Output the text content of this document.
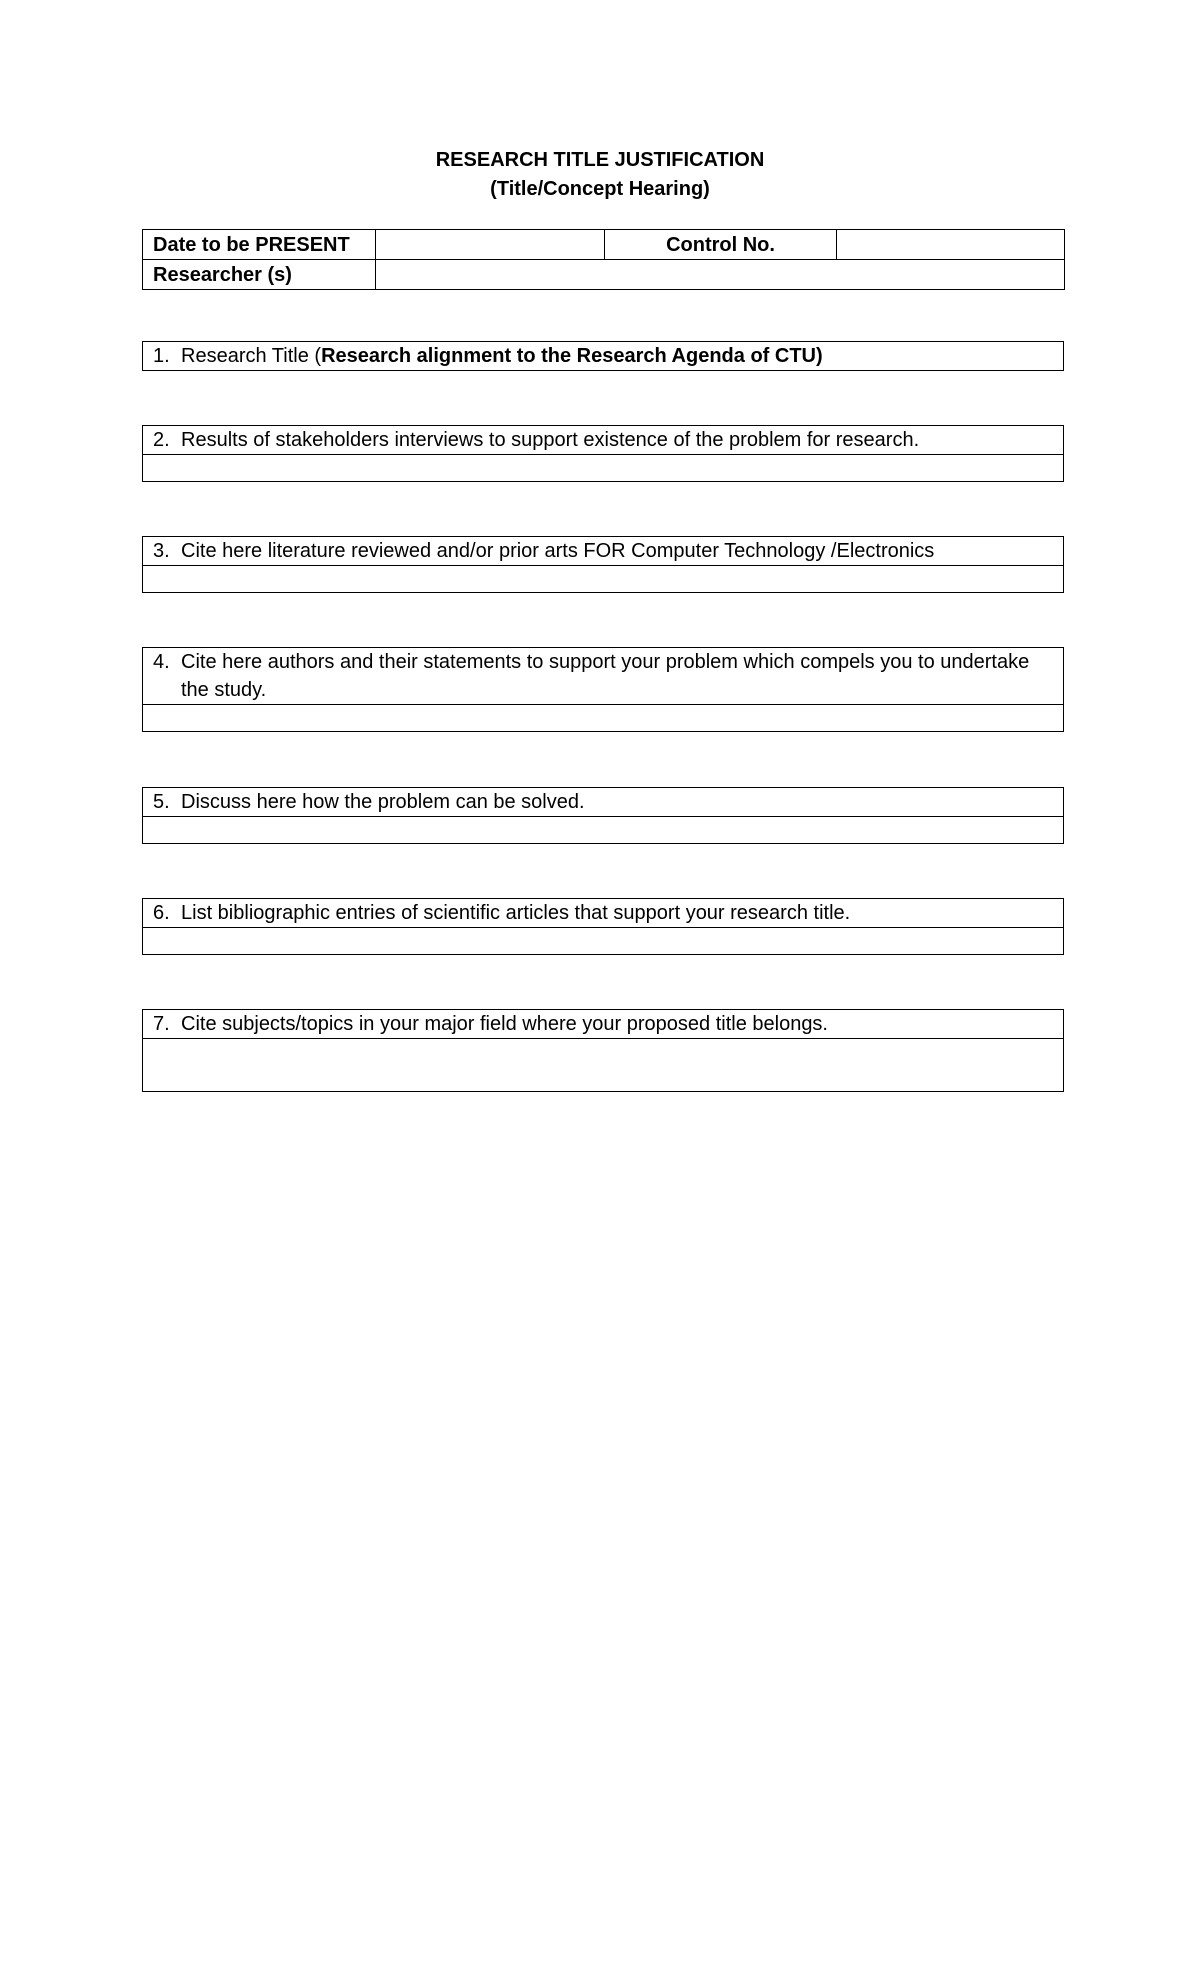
RESEARCH TITLE JUSTIFICATION
(Title/Concept Hearing)
Date to be PRESENT		Control No.	
Researcher (s)			
1. Research Title (Research alignment to the Research Agenda of CTU)
2. Results of stakeholders interviews to support existence of the problem for research.

3. Cite here literature reviewed and/or prior arts FOR Computer Technology /Electronics

4. Cite here authors and their statements to support your problem which compels you to undertake the study.

5. Discuss here how the problem can be solved.

6. List bibliographic entries of scientific articles that support your research title.

7. Cite subjects/topics in your major field where your proposed title belongs.
